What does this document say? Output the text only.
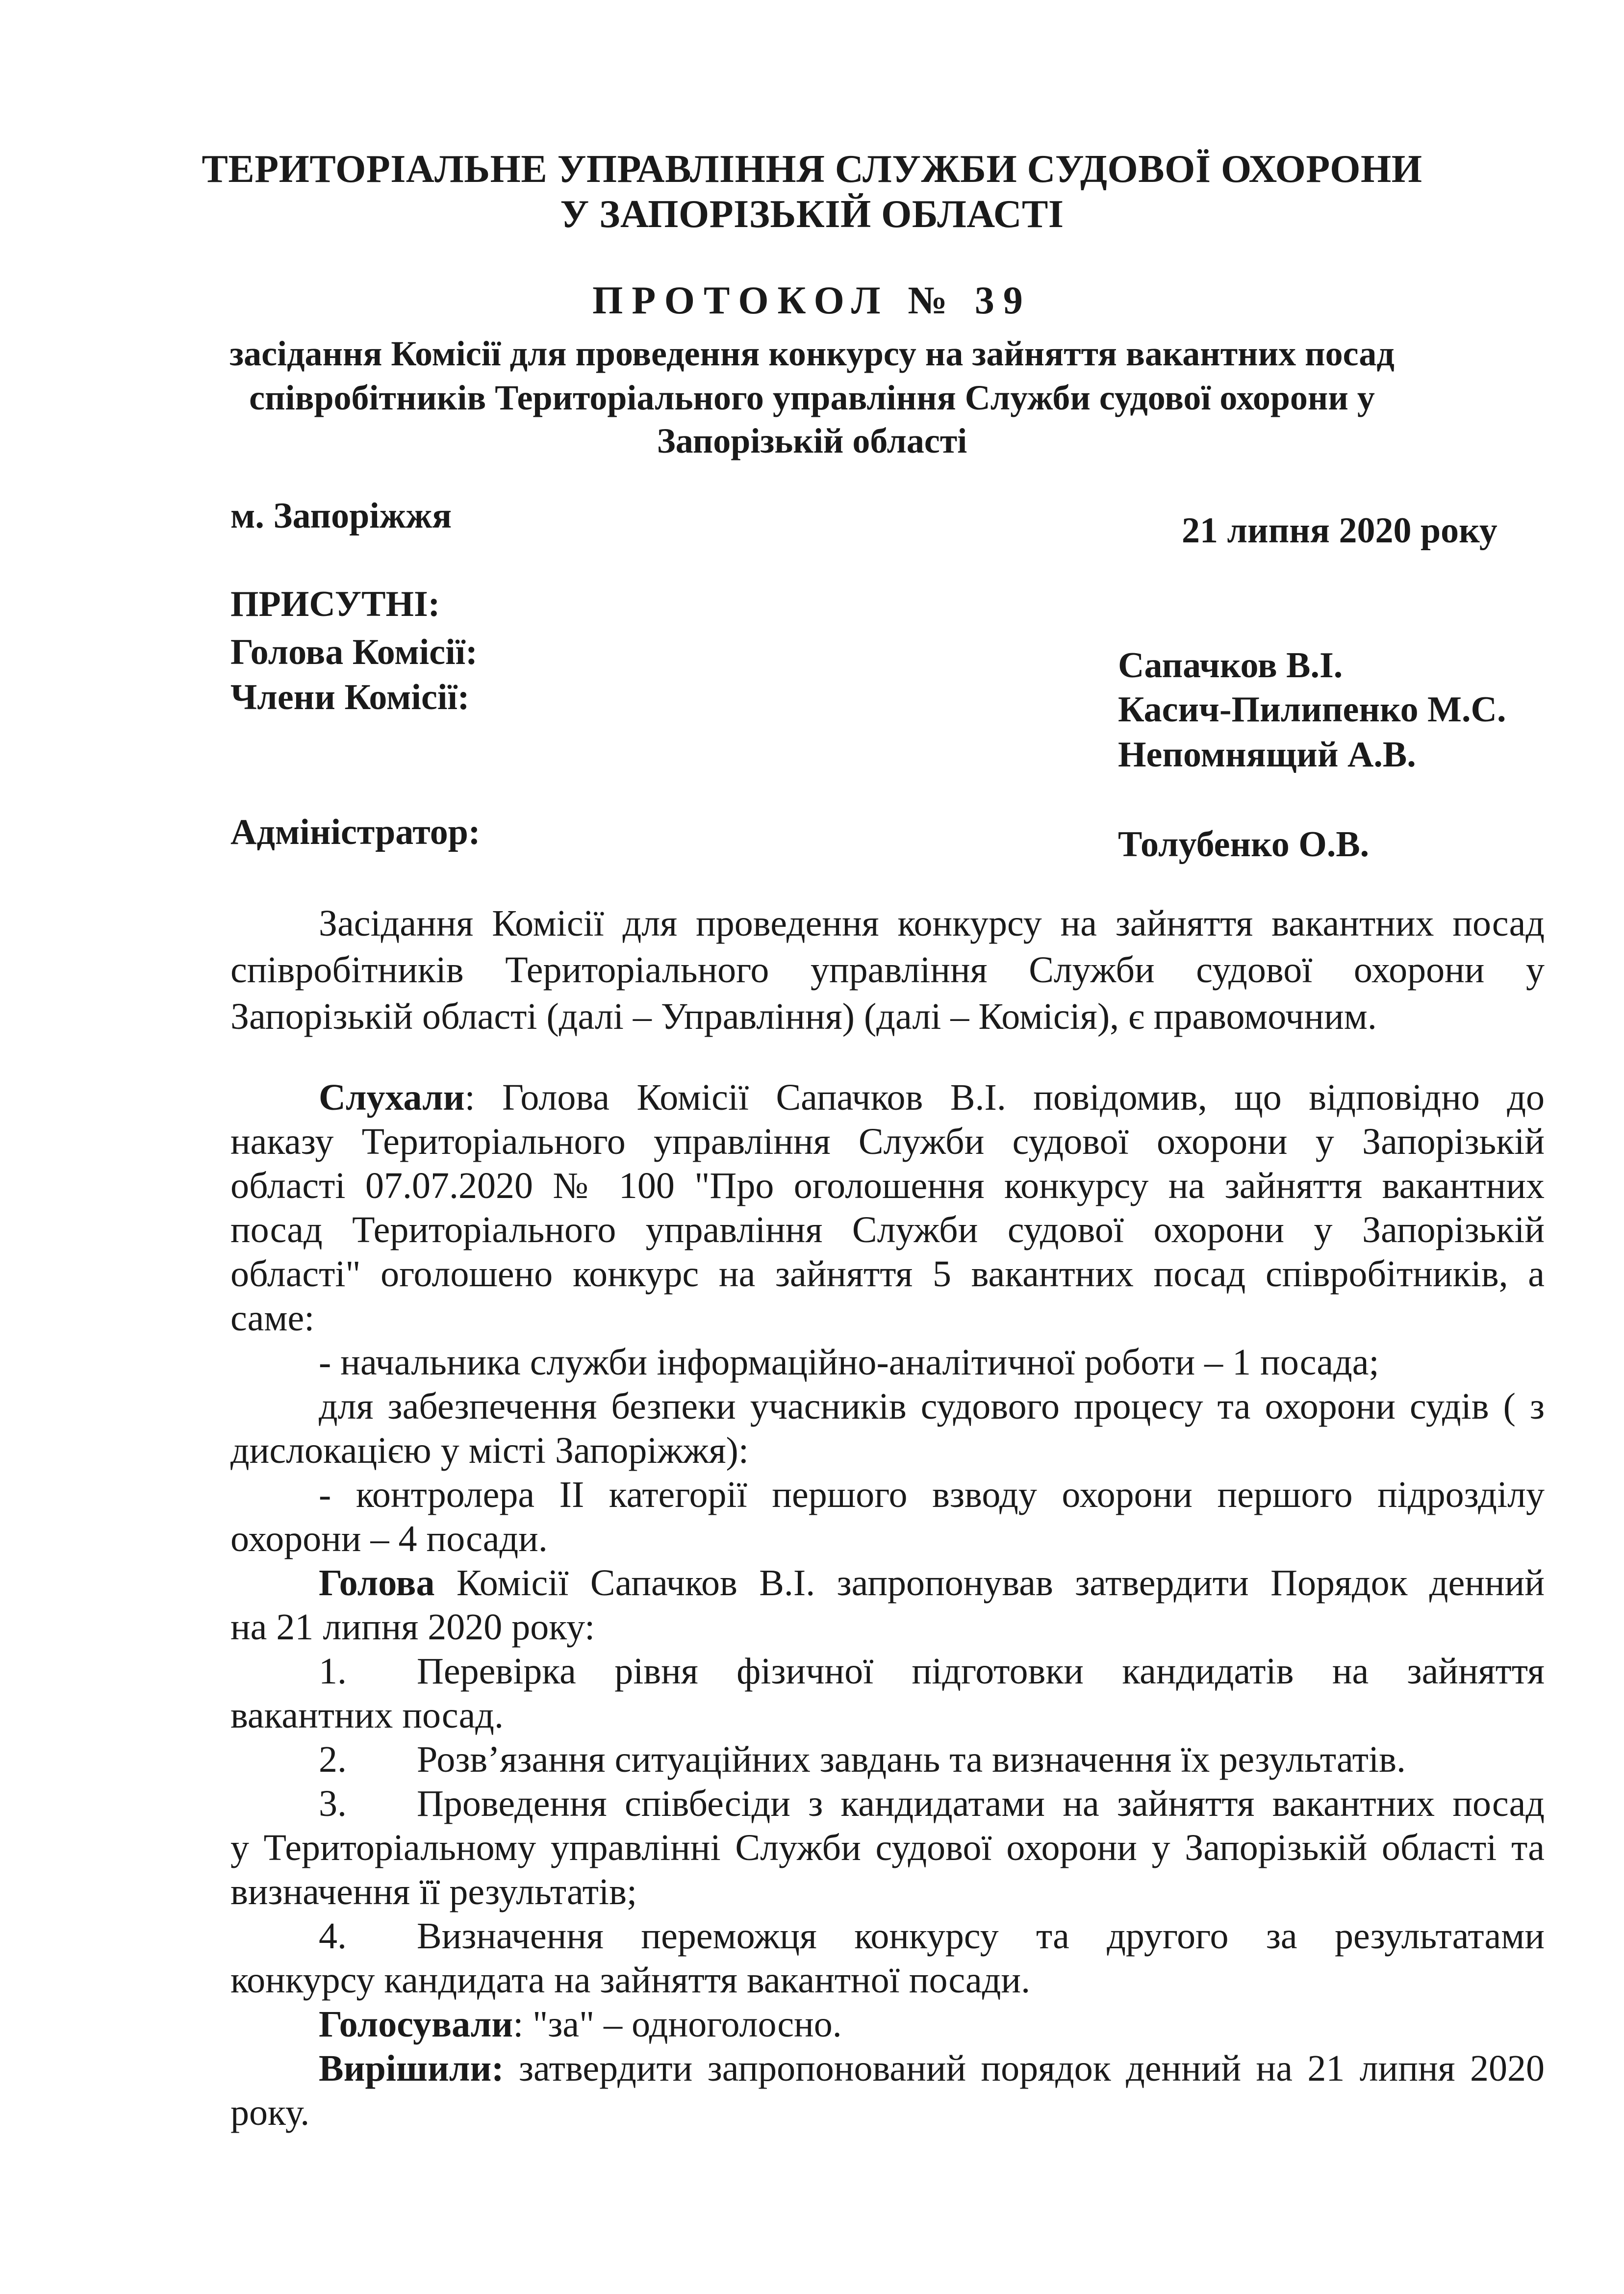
ТЕРИТОРІАЛЬНЕ УПРАВЛІННЯ СЛУЖБИ СУДОВОЇ ОХОРОНИ

У ЗАПОРІЗЬКІЙ ОБЛАСТІ

ПРОТОКОЛ № 39

засідання Комісії для проведення конкурсу на зайняття вакантних посад

співробітників Територіального управління Служби судової охорони у

Запорізькій області

м. Запоріжжя	21 липня 2020 року

ПРИСУТНІ:

Голова Комісії:	Сапачков В.І.

Члени Комісії:	Касич-Пилипенко М.С.

Непомнящий А.В.

Адміністратор:	Толубенко О.В.

Засідання Комісії для проведення конкурсу на зайняття вакантних посад

співробітників Територіального управління Служби судової охорони у

Запорізькій області (далі – Управління) (далі – Комісія), є правомочним.

Слухали: Голова Комісії Сапачков В.І. повідомив, що відповідно до

наказу Територіального управління Служби судової охорони у Запорізькій

області 07.07.2020 № 100 "Про оголошення конкурсу на зайняття вакантних

посад Територіального управління Служби судової охорони у Запорізькій

області" оголошено конкурс на зайняття 5 вакантних посад співробітників, а

саме:

- начальника служби інформаційно-аналітичної роботи – 1 посада;

для забезпечення безпеки учасників судового процесу та охорони судів ( з

дислокацією у місті Запоріжжя):

- контролера ІІ категорії першого взводу охорони першого підрозділу

охорони – 4 посади.

Голова Комісії Сапачков В.І. запропонував затвердити Порядок денний

на 21 липня 2020 року:

1. Перевірка рівня фізичної підготовки кандидатів на зайняття

вакантних посад.

2. Розв’язання ситуаційних завдань та визначення їх результатів.

3. Проведення співбесіди з кандидатами на зайняття вакантних посад

у Територіальному управлінні Служби судової охорони у Запорізькій області та

визначення її результатів;

4. Визначення переможця конкурсу та другого за результатами

конкурсу кандидата на зайняття вакантної посади.

Голосували: "за" – одноголосно.

Вирішили: затвердити запропонований порядок денний на 21 липня 2020

року.
